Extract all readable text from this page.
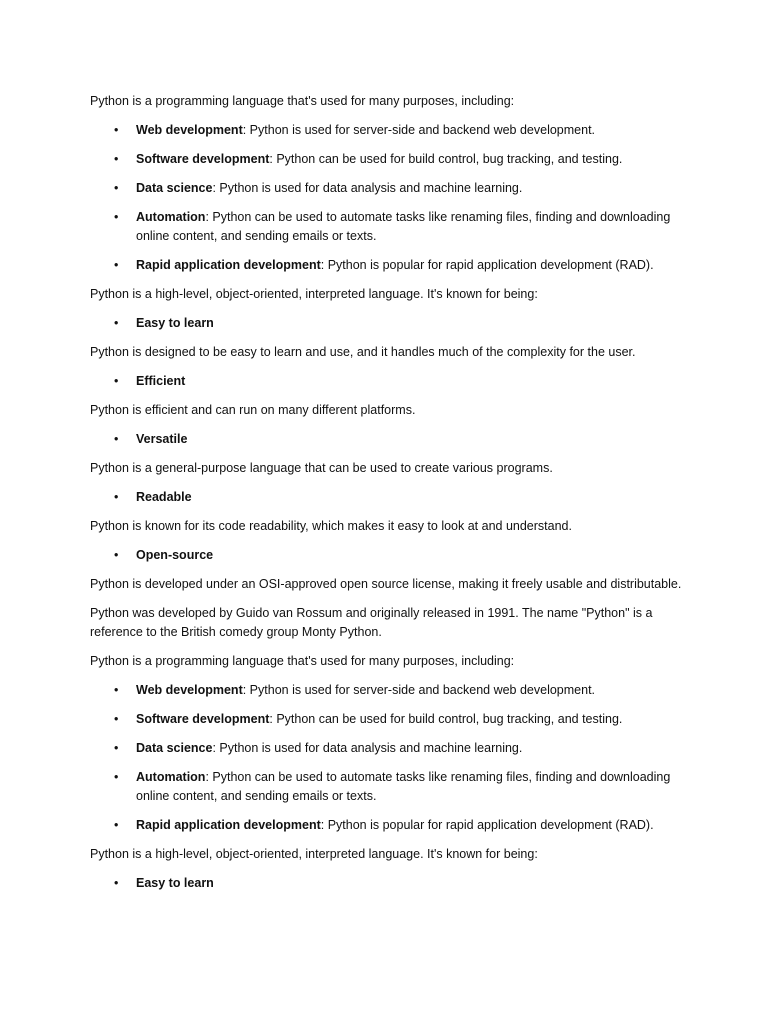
Python is a programming language that's used for many purposes, including:

• Web development: Python is used for server-side and backend web development.
• Software development: Python can be used for build control, bug tracking, and testing.
• Data science: Python is used for data analysis and machine learning.
• Automation: Python can be used to automate tasks like renaming files, finding and downloading online content, and sending emails or texts.
• Rapid application development: Python is popular for rapid application development (RAD).

Python is a high-level, object-oriented, interpreted language. It's known for being:

• Easy to learn

Python is designed to be easy to learn and use, and it handles much of the complexity for the user.

• Efficient

Python is efficient and can run on many different platforms.

• Versatile

Python is a general-purpose language that can be used to create various programs.

• Readable

Python is known for its code readability, which makes it easy to look at and understand.

• Open-source

Python is developed under an OSI-approved open source license, making it freely usable and distributable.

Python was developed by Guido van Rossum and originally released in 1991. The name "Python" is a reference to the British comedy group Monty Python.

Python is a programming language that's used for many purposes, including:

• Web development: Python is used for server-side and backend web development.
• Software development: Python can be used for build control, bug tracking, and testing.
• Data science: Python is used for data analysis and machine learning.
• Automation: Python can be used to automate tasks like renaming files, finding and downloading online content, and sending emails or texts.
• Rapid application development: Python is popular for rapid application development (RAD).

Python is a high-level, object-oriented, interpreted language. It's known for being:

• Easy to learn
